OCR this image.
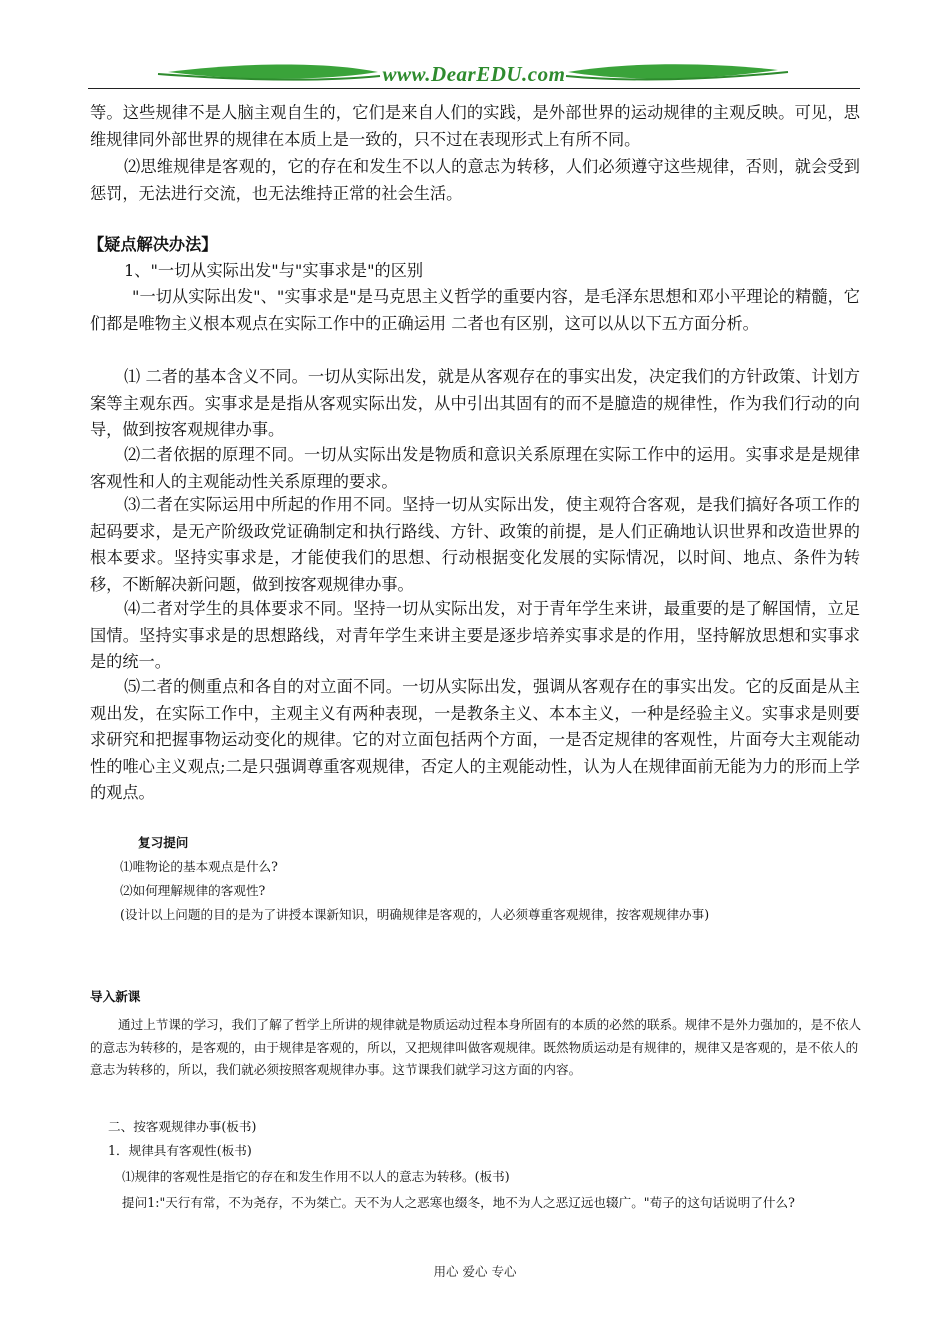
www.DearEDU.com

等。这些规律不是人脑主观自生的，它们是来自人们的实践，是外部世界的运动规律的主观反映。可见，思维规律同外部世界的规律在本质上是一致的，只不过在表现形式上有所不同。

⑵思维规律是客观的，它的存在和发生不以人的意志为转移，人们必须遵守这些规律，否则，就会受到惩罚，无法进行交流，也无法维持正常的社会生活。

【疑点解决办法】

1、"一切从实际出发"与"实事求是"的区别

"一切从实际出发"、"实事求是"是马克思主义哲学的重要内容，是毛泽东思想和邓小平理论的精髓，它们都是唯物主义根本观点在实际工作中的正确运用 二者也有区别，这可以从以下五方面分析。

⑴ 二者的基本含义不同。一切从实际出发，就是从客观存在的事实出发，决定我们的方针政策、计划方案等主观东西。实事求是是指从客观实际出发，从中引出其固有的而不是臆造的规律性，作为我们行动的向导，做到按客观规律办事。

⑵二者依据的原理不同。一切从实际出发是物质和意识关系原理在实际工作中的运用。实事求是是规律客观性和人的主观能动性关系原理的要求。

⑶二者在实际运用中所起的作用不同。坚持一切从实际出发，使主观符合客观，是我们搞好各项工作的起码要求，是无产阶级政党证确制定和执行路线、方针、政策的前提，是人们正确地认识世界和改造世界的根本要求。坚持实事求是，才能使我们的思想、行动根据变化发展的实际情况，以时间、地点、条件为转移，不断解决新问题，做到按客观规律办事。

⑷二者对学生的具体要求不同。坚持一切从实际出发，对于青年学生来讲，最重要的是了解国情，立足国情。坚持实事求是的思想路线，对青年学生来讲主要是逐步培养实事求是的作用，坚持解放思想和实事求是的统一。

⑸二者的侧重点和各自的对立面不同。一切从实际出发，强调从客观存在的事实出发。它的反面是从主观出发，在实际工作中，主观主义有两种表现，一是教条主义、本本主义，一种是经验主义。实事求是则要求研究和把握事物运动变化的规律。它的对立面包括两个方面，一是否定规律的客观性，片面夸大主观能动性的唯心主义观点;二是只强调尊重客观规律，否定人的主观能动性，认为人在规律面前无能为力的形而上学的观点。

复习提问

⑴唯物论的基本观点是什么?

⑵如何理解规律的客观性?

(设计以上问题的目的是为了讲授本课新知识，明确规律是客观的，人必须尊重客观规律，按客观规律办事)

导入新课

通过上节课的学习，我们了解了哲学上所讲的规律就是物质运动过程本身所固有的本质的必然的联系。规律不是外力强加的，是不依人的意志为转移的，是客观的，由于规律是客观的，所以，又把规律叫做客观规律。既然物质运动是有规律的，规律又是客观的，是不依人的意志为转移的，所以，我们就必须按照客观规律办事。这节课我们就学习这方面的内容。

二、按客观规律办事(板书)

1．规律具有客观性(板书)

⑴规律的客观性是指它的存在和发生作用不以人的意志为转移。(板书)

提问1:"天行有常，不为尧存，不为桀亡。天不为人之恶寒也缀冬，地不为人之恶辽远也辍广。"荀子的这句话说明了什么?

用心 爱心 专心
